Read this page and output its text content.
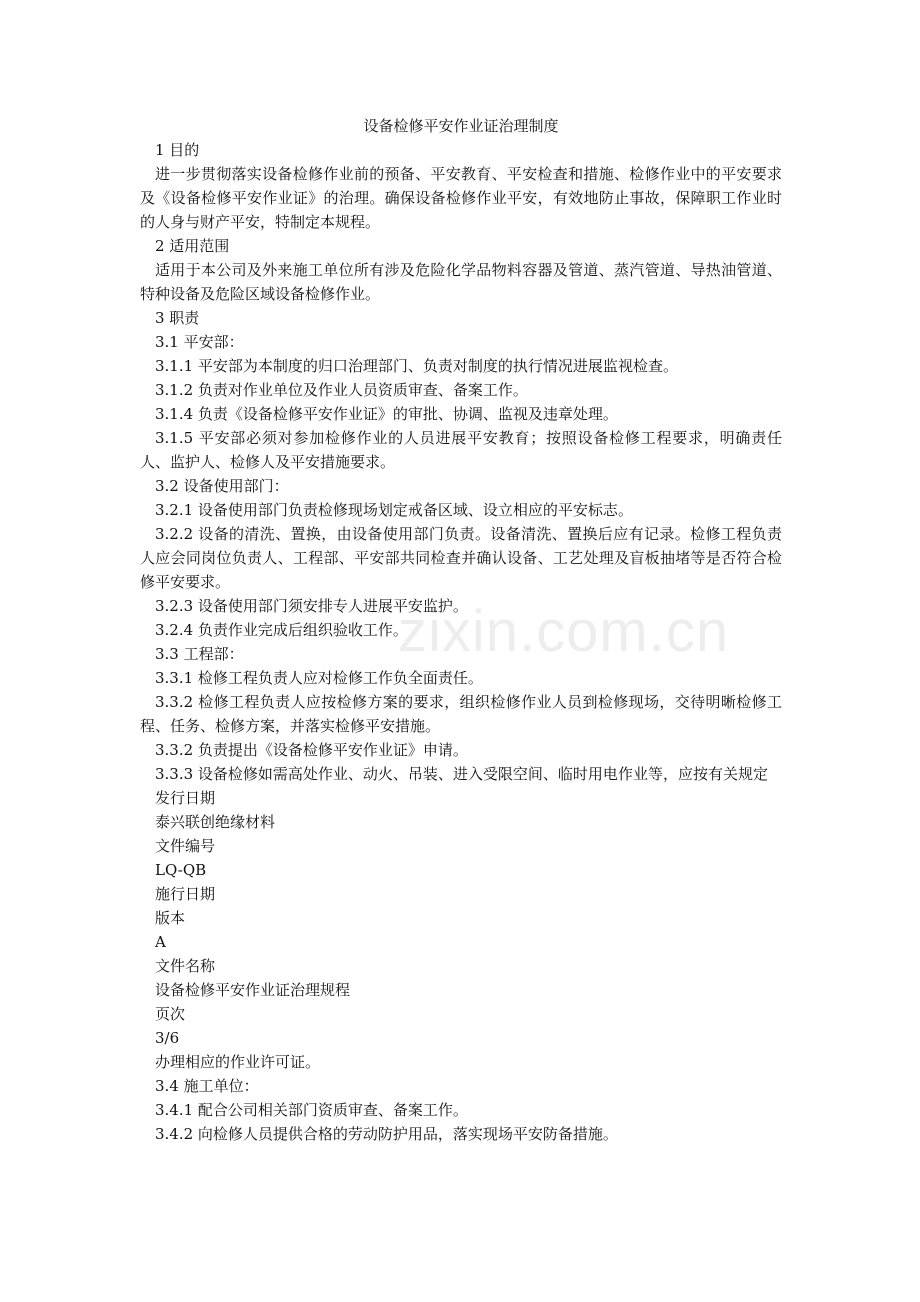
设备检修平安作业证治理制度

1 目的

进一步贯彻落实设备检修作业前的预备、平安教育、平安检查和措施、检修作业中的平安要求及《设备检修平安作业证》的治理。确保设备检修作业平安，有效地防止事故，保障职工作业时的人身与财产平安，特制定本规程。

2 适用范围

适用于本公司及外来施工单位所有涉及危险化学品物料容器及管道、蒸汽管道、导热油管道、特种设备及危险区域设备检修作业。

3 职责

3.1 平安部：

3.1.1 平安部为本制度的归口治理部门、负责对制度的执行情况进展监视检查。

3.1.2 负责对作业单位及作业人员资质审查、备案工作。

3.1.4 负责《设备检修平安作业证》的审批、协调、监视及违章处理。

3.1.5 平安部必须对参加检修作业的人员进展平安教育；按照设备检修工程要求，明确责任人、监护人、检修人及平安措施要求。

3.2 设备使用部门：

3.2.1 设备使用部门负责检修现场划定戒备区域、设立相应的平安标志。

3.2.2 设备的清洗、置换，由设备使用部门负责。设备清洗、置换后应有记录。检修工程负责人应会同岗位负责人、工程部、平安部共同检查并确认设备、工艺处理及盲板抽堵等是否符合检修平安要求。

3.2.3 设备使用部门须安排专人进展平安监护。

3.2.4 负责作业完成后组织验收工作。

3.3 工程部：

3.3.1 检修工程负责人应对检修工作负全面责任。

3.3.2 检修工程负责人应按检修方案的要求，组织检修作业人员到检修现场，交待明晰检修工程、任务、检修方案，并落实检修平安措施。

3.3.2 负责提出《设备检修平安作业证》申请。

3.3.3 设备检修如需高处作业、动火、吊装、进入受限空间、临时用电作业等，应按有关规定

发行日期

泰兴联创绝缘材料

文件编号

LQ-QB

施行日期

版本

A

文件名称

设备检修平安作业证治理规程

页次

3/6

办理相应的作业许可证。

3.4 施工单位：

3.4.1 配合公司相关部门资质审查、备案工作。

3.4.2 向检修人员提供合格的劳动防护用品，落实现场平安防备措施。

zixin.com.cn
